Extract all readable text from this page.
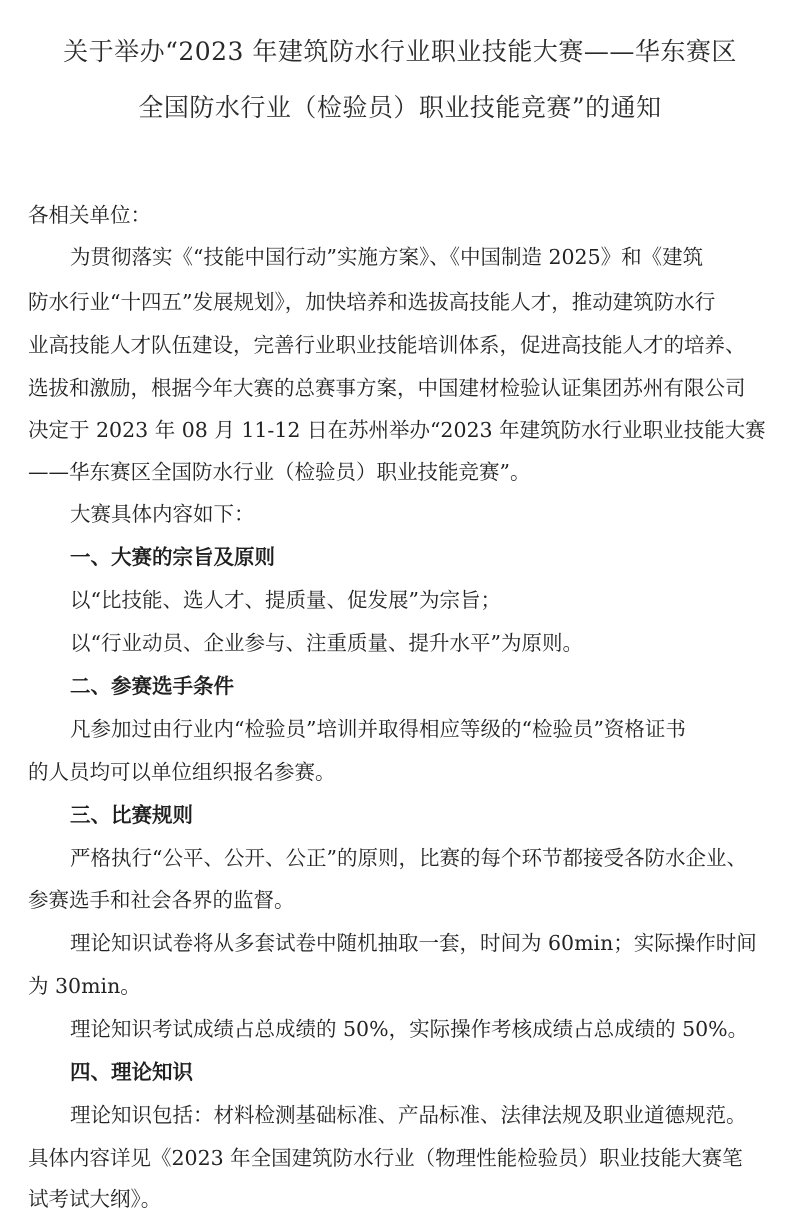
关于举办“2023 年建筑防水行业职业技能大赛——华东赛区
全国防水行业（检验员）职业技能竞赛”的通知
各相关单位：
为贯彻落实《“技能中国行动”实施方案》、《中国制造 2025》和《建筑
防水行业“十四五”发展规划》，加快培养和选拔高技能人才，推动建筑防水行
业高技能人才队伍建设，完善行业职业技能培训体系，促进高技能人才的培养、
选拔和激励，根据今年大赛的总赛事方案，中国建材检验认证集团苏州有限公司
决定于 2023 年 08 月 11-12 日在苏州举办“2023 年建筑防水行业职业技能大赛
——华东赛区全国防水行业（检验员）职业技能竞赛”。
大赛具体内容如下：
一、大赛的宗旨及原则
以“比技能、选人才、提质量、促发展”为宗旨；
以“行业动员、企业参与、注重质量、提升水平”为原则。
二、参赛选手条件
凡参加过由行业内“检验员”培训并取得相应等级的“检验员”资格证书
的人员均可以单位组织报名参赛。
三、比赛规则
严格执行“公平、公开、公正”的原则，比赛的每个环节都接受各防水企业、
参赛选手和社会各界的监督。
理论知识试卷将从多套试卷中随机抽取一套，时间为 60min；实际操作时间
为 30min。
理论知识考试成绩占总成绩的 50%，实际操作考核成绩占总成绩的 50%。
四、理论知识
理论知识包括：材料检测基础标准、产品标准、法律法规及职业道德规范。
具体内容详见《2023 年全国建筑防水行业（物理性能检验员）职业技能大赛笔
试考试大纲》。
